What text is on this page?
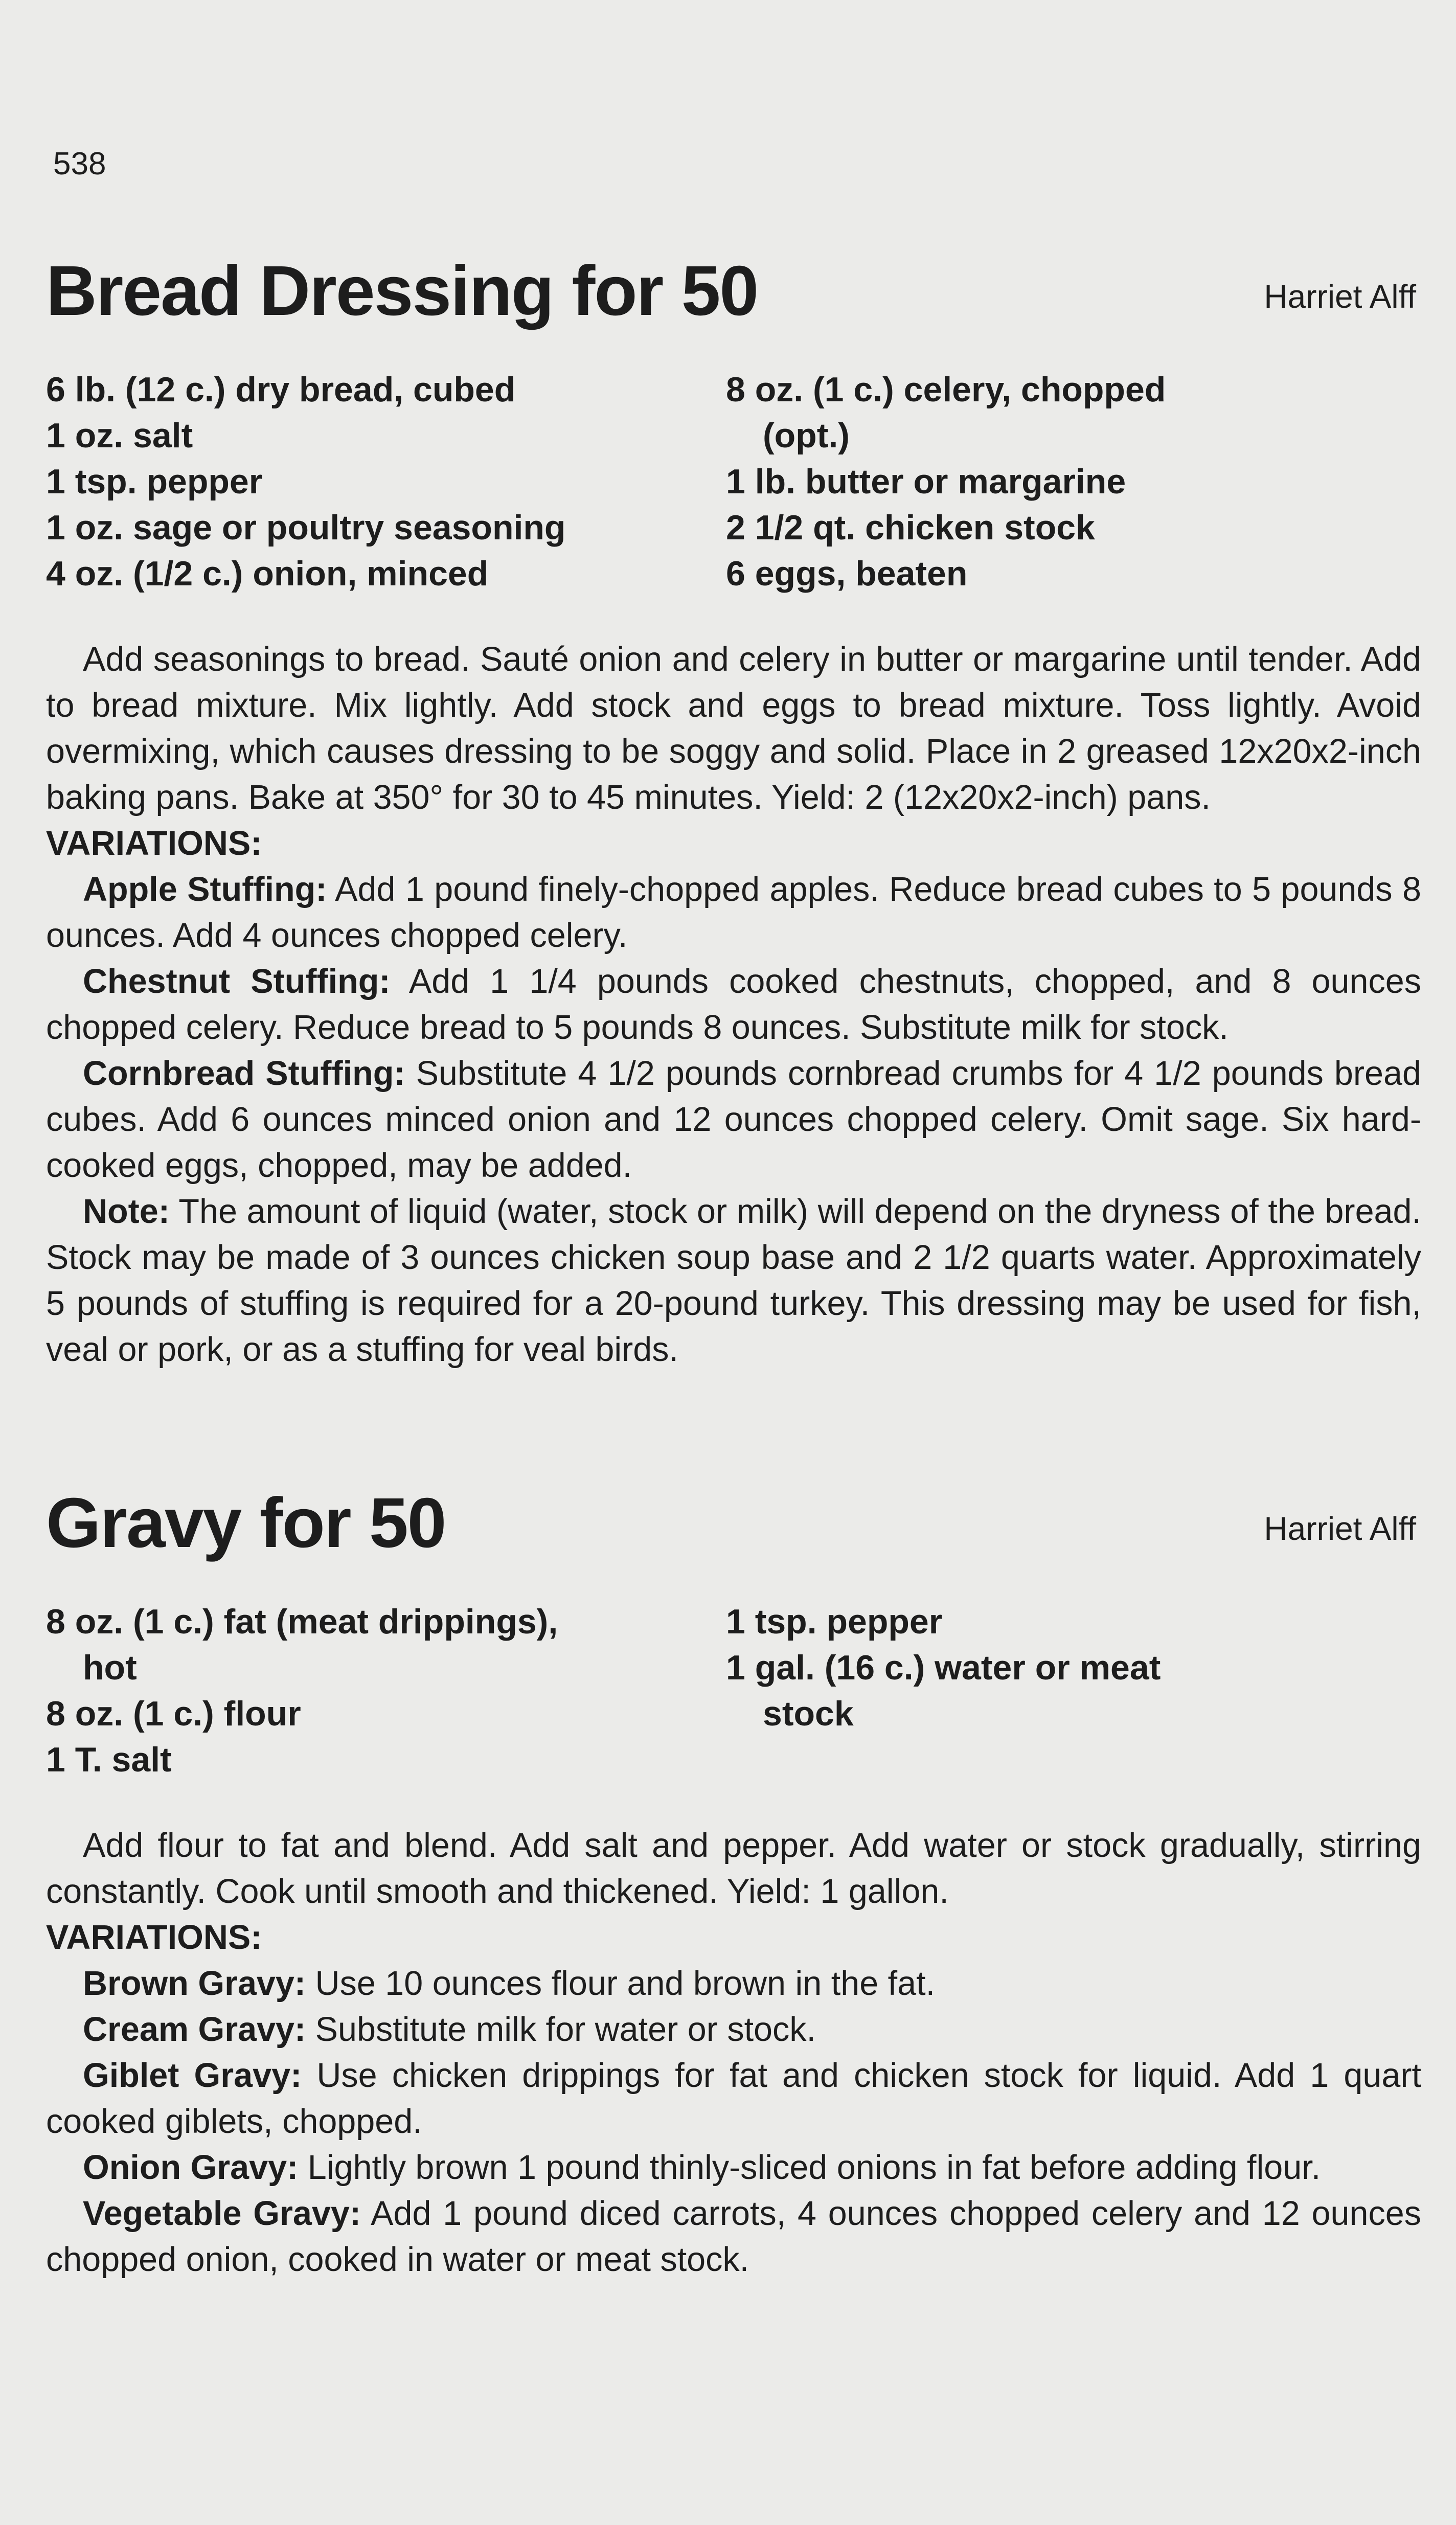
538

Bread Dressing for 50	Harriet Alff
6 lb. (12 c.) dry bread, cubed
1 oz. salt
1 tsp. pepper
1 oz. sage or poultry seasoning
4 oz. (1/2 c.) onion, minced
8 oz. (1 c.) celery, chopped
(opt.)
1 lb. butter or margarine
2 1/2 qt. chicken stock
6 eggs, beaten

Add seasonings to bread. Sauté onion and celery in butter or margarine until tender. Add to bread mixture. Mix lightly. Add stock and eggs to bread mixture. Toss lightly. Avoid overmixing, which causes dressing to be soggy and solid. Place in 2 greased 12x20x2-inch baking pans. Bake at 350° for 30 to 45 minutes. Yield: 2 (12x20x2-inch) pans.

VARIATIONS:

Apple Stuffing: Add 1 pound finely-chopped apples. Reduce bread cubes to 5 pounds 8 ounces. Add 4 ounces chopped celery.

Chestnut Stuffing: Add 1 1/4 pounds cooked chestnuts, chopped, and 8 ounces chopped celery. Reduce bread to 5 pounds 8 ounces. Substitute milk for stock.

Cornbread Stuffing: Substitute 4 1/2 pounds cornbread crumbs for 4 1/2 pounds bread cubes. Add 6 ounces minced onion and 12 ounces chopped celery. Omit sage. Six hard-cooked eggs, chopped, may be added.

Note: The amount of liquid (water, stock or milk) will depend on the dryness of the bread. Stock may be made of 3 ounces chicken soup base and 2 1/2 quarts water. Approximately 5 pounds of stuffing is required for a 20-pound turkey. This dressing may be used for fish, veal or pork, or as a stuffing for veal birds.

Gravy for 50	Harriet Alff
8 oz. (1 c.) fat (meat drippings),
hot
8 oz. (1 c.) flour
1 T. salt
1 tsp. pepper
1 gal. (16 c.) water or meat
stock

Add flour to fat and blend. Add salt and pepper. Add water or stock gradually, stirring constantly. Cook until smooth and thickened. Yield: 1 gallon.

VARIATIONS:

Brown Gravy: Use 10 ounces flour and brown in the fat.

Cream Gravy: Substitute milk for water or stock.

Giblet Gravy: Use chicken drippings for fat and chicken stock for liquid. Add 1 quart cooked giblets, chopped.

Onion Gravy: Lightly brown 1 pound thinly-sliced onions in fat before adding flour.

Vegetable Gravy: Add 1 pound diced carrots, 4 ounces chopped celery and 12 ounces chopped onion, cooked in water or meat stock.
